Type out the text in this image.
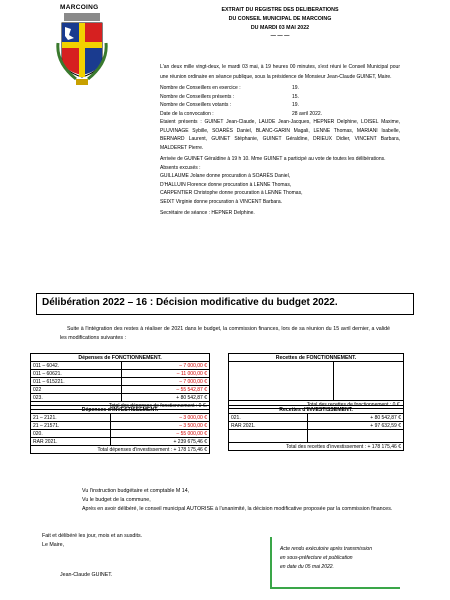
MARCOING	EXTRAIT DU REGISTRE DES DELIBERATIONS
DU CONSEIL MUNICIPAL DE MARCOING
DU MARDI 03 MAI 2022
— — —
L'an deux mille vingt-deux, le mardi 03 mai, à 19 heures 00 minutes, s'est réuni le Conseil Municipal pour une réunion ordinaire en séance publique, sous la présidence de Monsieur Jean-Claude GUINET, Maire.
Nombre de Conseillers en exercice :	19.
Nombre de Conseillers présents :	15.
Nombre de Conseillers votants :	19.
Date de la convocation :	28 avril 2022.
Etaient présents : GUINET Jean-Claude, LAUDE Jean-Jacques, HEPNER Delphine, LOISEL Maxime, PLUVINAGE Sybille, SOARÈS Daniel, BLANC-GARIN Magali, LENNE Thomas, MARIANI Isabelle, BERNARD Laurent, GUINET Stéphanie, GUINET Géraldine, DRIEUX Didier, VINCENT Barbara, MALDERET Pierre.
Arrivée de GUINET Géraldine à 19 h 10. Mme GUINET a participé au vote de toutes les délibérations.
Absents excusés :
GUILLAUME Jolane donne procuration à SOARÈS Daniel,
D'HALLUIN Florence donne procuration à LENNE Thomas,
CARPENTIER Christophe donne procuration à LENNE Thomas,
SEIXT Virginie donne procuration à VINCENT Barbara.
Secrétaire de séance : HEPNER Delphine.
Délibération 2022 – 16 : Décision modificative du budget 2022.
Suite à l'intégration des restes à réaliser de 2021 dans le budget, la commission finances, lors de sa réunion du 15 avril dernier, a validé les modifications suivantes :
Dépenses de FONCTIONNEMENT.	
011 – 6042.	– 7 000,00 €
011 – 60621.	– 11 000,00 €
011 – 615221.	– 7 000,00 €
022	– 55 542,87 €
023.	+ 80 542,87 €
Total des dépenses de fonctionnement : 0 €.	
Recettes de FONCTIONNEMENT.

Total des recettes de fonctionnement : 0 €.
Dépenses d'INVESTISSEMENT.	
21 – 2121.	– 3 000,00 €
21 – 21571.	– 3 500,00 €
020.	– 55 000,00 €
RAR 2021.	+ 239 675,46 €
Total dépenses d'investissement : + 178 175,46 €	
Recettes d'INVESTISSEMENT.	
021.	+ 80 542,87 €
RAR 2021.	+ 97 632,59 €

Total des recettes d'investissement : + 178 175,46 €	
Vu l'instruction budgétaire et comptable M 14,
Vu le budget de la commune,
Après en avoir délibéré, le conseil municipal AUTORISE à l'unanimité, la décision modificative proposée par la commission finances.
Fait et délibéré les jour, mois et an susdits.
Le Maire,
Jean-Claude GUINET.
Acte rendu exécutoire après transmission
en sous-préfecture et publication
en date du 05 mai 2022.
